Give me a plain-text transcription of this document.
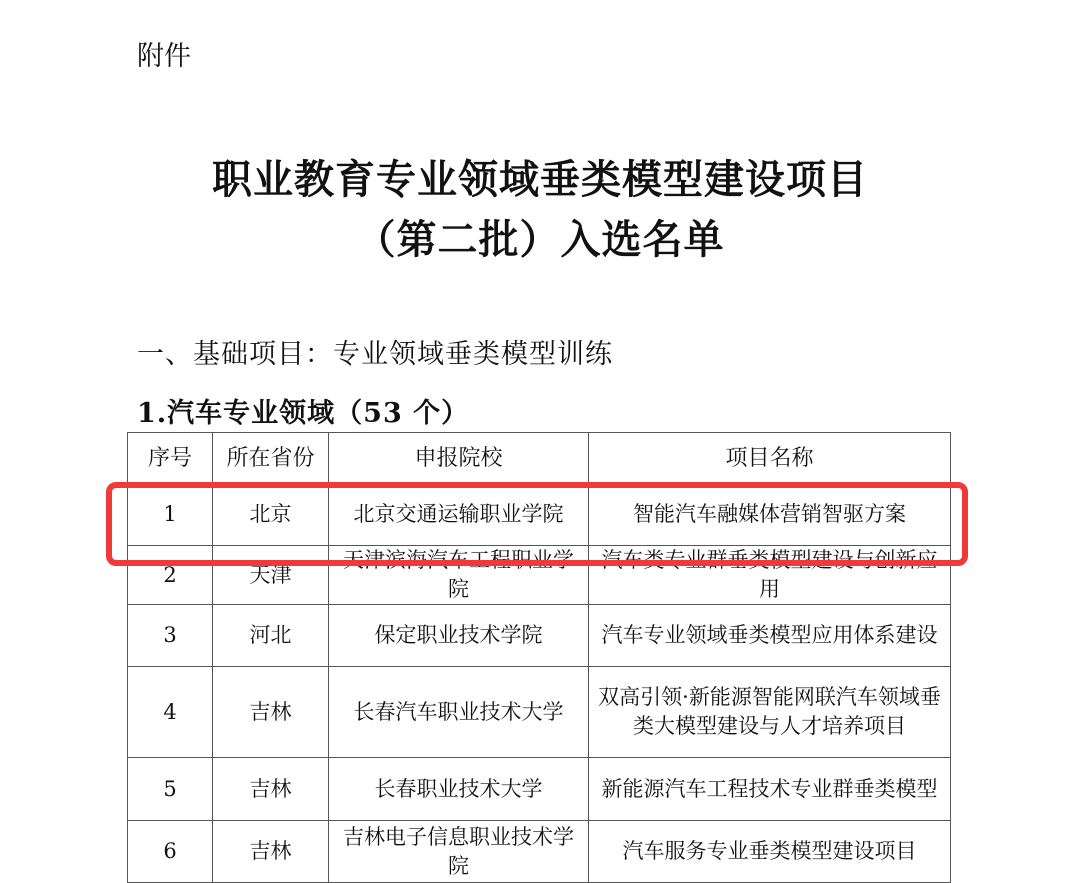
附件
职业教育专业领域垂类模型建设项目
（第二批）入选名单
一、基础项目：专业领域垂类模型训练
1.汽车专业领域（53 个）
序号	所在省份	申报院校	项目名称
1	北京	北京交通运输职业学院	智能汽车融媒体营销智驱方案
2	天津	天津滨海汽车工程职业学院	汽车类专业群垂类模型建设与创新应用
3	河北	保定职业技术学院	汽车专业领域垂类模型应用体系建设
4	吉林	长春汽车职业技术大学	双高引领·新能源智能网联汽车领域垂类大模型建设与人才培养项目
5	吉林	长春职业技术大学	新能源汽车工程技术专业群垂类模型
6	吉林	吉林电子信息职业技术学院	汽车服务专业垂类模型建设项目
